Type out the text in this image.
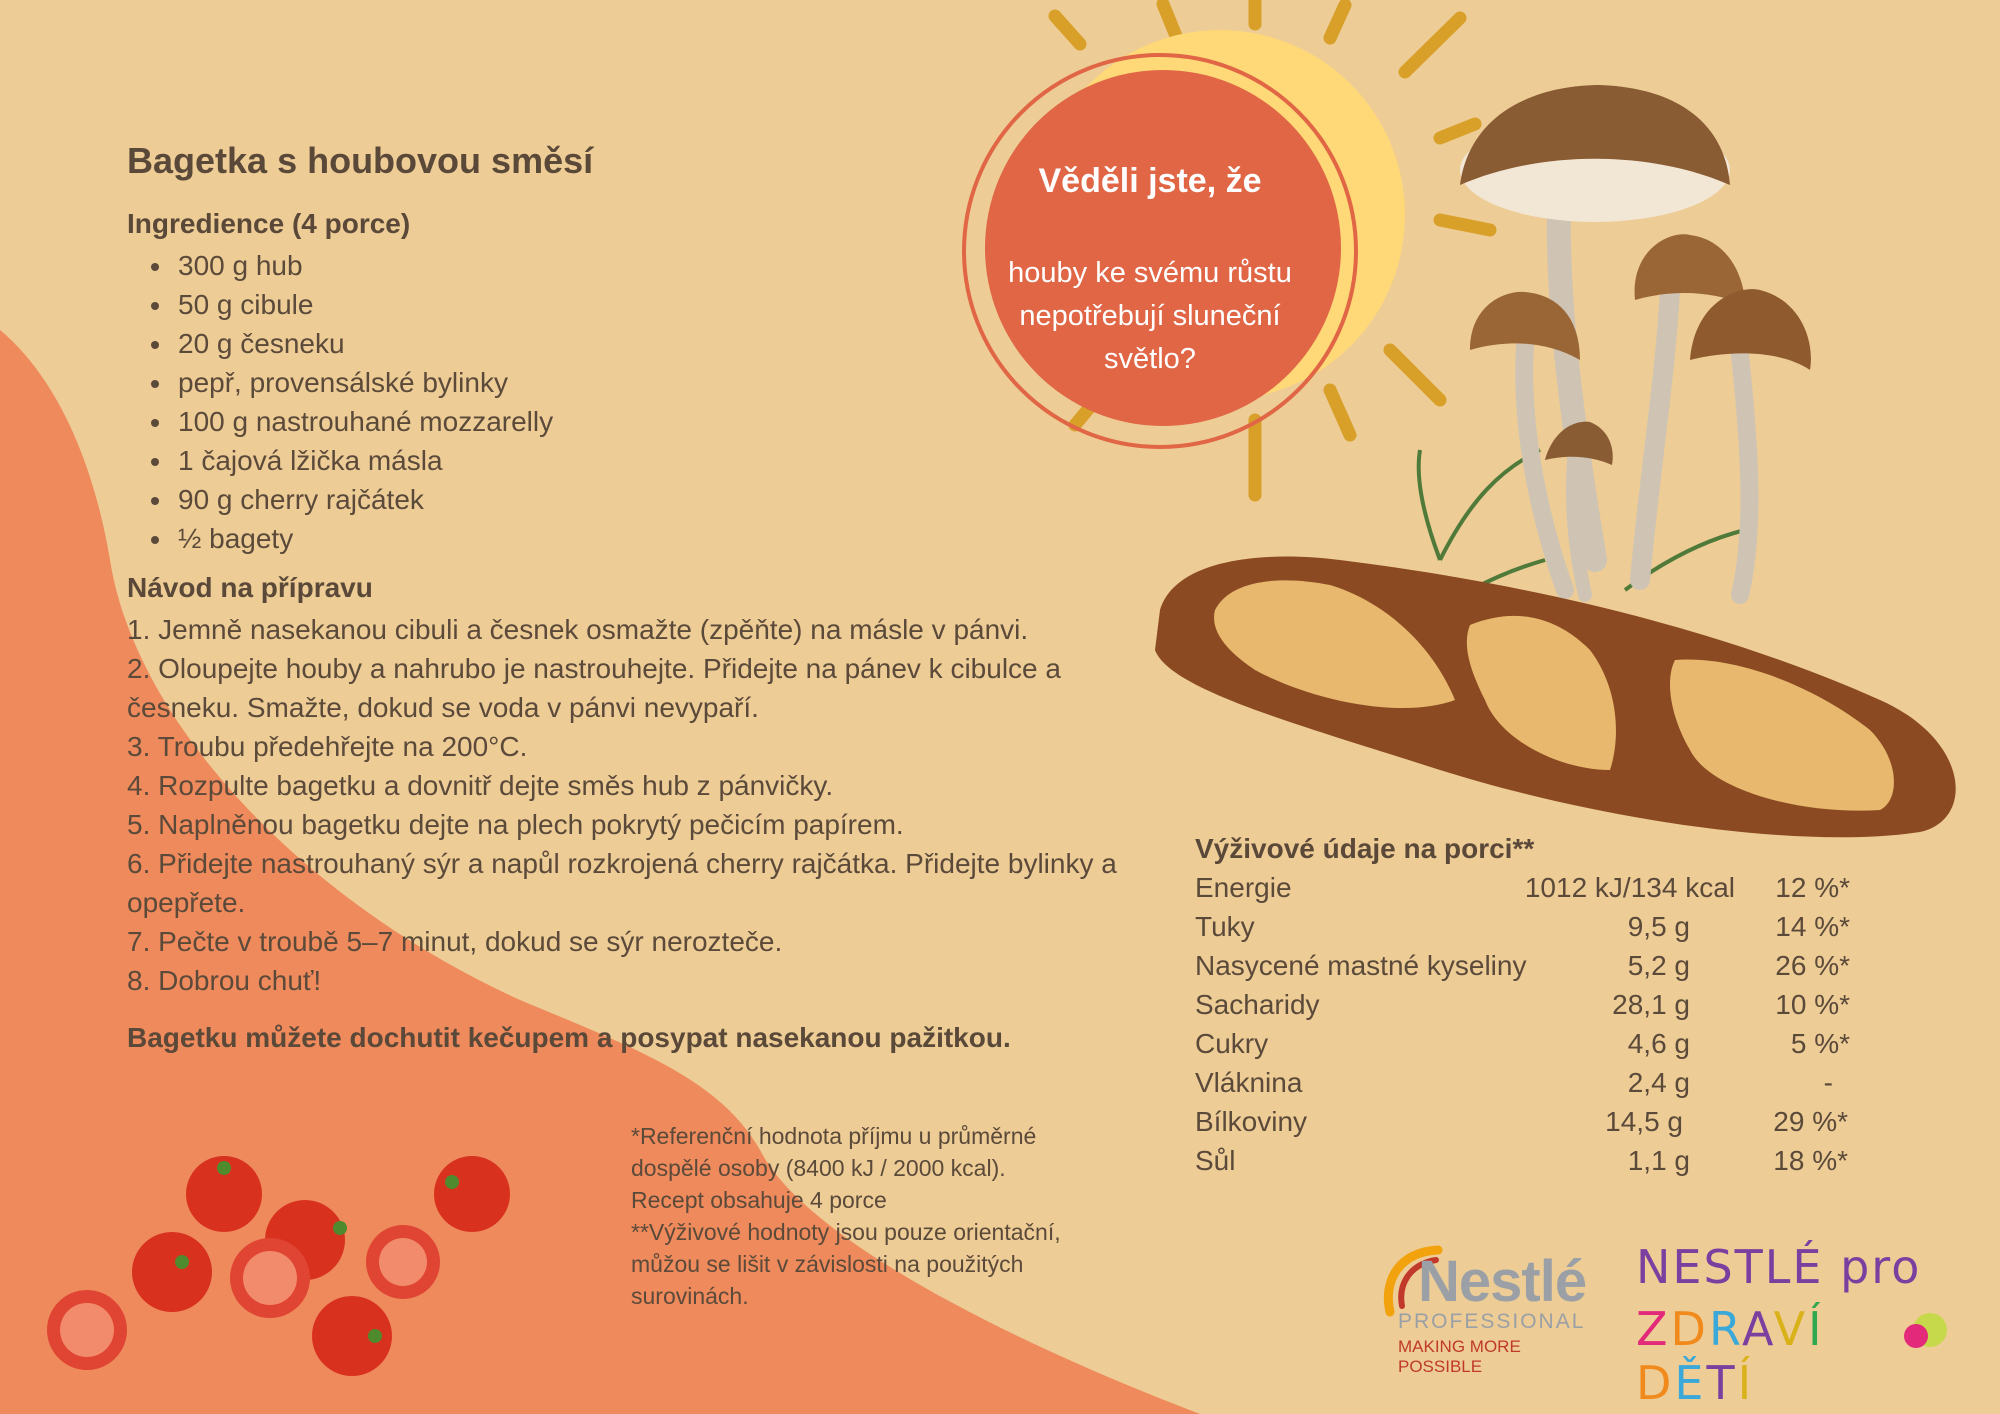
Bagetka s houbovou směsí
Ingredience (4 porce)
• 300 g hub
• 50 g cibule
• 20 g česneku
• pepř, provensálské bylinky
• 100 g nastrouhané mozzarelly
• 1 čajová lžička másla
• 90 g cherry rajčátek
• ½ bagety
Návod na přípravu

1. Jemně nasekanou cibuli a česnek osmažte (zpěňte) na másle v pánvi.

2. Oloupejte houby a nahrubo je nastrouhejte. Přidejte na pánev k cibulce a česneku. Smažte, dokud se voda v pánvi nevypaří.

3. Troubu předehřejte na 200°C.

4. Rozpulte bagetku a dovnitř dejte směs hub z pánvičky.

5. Naplněnou bagetku dejte na plech pokrytý pečicím papírem.

6. Přidejte nastrouhaný sýr a napůl rozkrojená cherry rajčátka. Přidejte bylinky a opepřete.

7. Pečte v troubě 5–7 minut, dokud se sýr nerozteče.

8. Dobrou chuť!

Bagetku můžete dochutit kečupem a posypat nasekanou pažitkou.
Věděli jste, že
houby ke svému růstu nepotřebují sluneční světlo?
Výživové údaje na porci**
Energie	1012 kJ/134 kcal 12 %*
Tuky	9,5 g	14 %*
Nasycené mastné kyseliny	5,2 g	26 %*
Sacharidy	28,1 g	10 %*
Cukry	4,6 g	5 %*
Vláknina	2,4 g	-
Bílkoviny	14,5 g	29 %*
Sůl	1,1 g	18 %*
*Referenční hodnota příjmu u průměrné dospělé osoby (8400 kJ / 2000 kcal).
Recept obsahuje 4 porce
**Výživové hodnoty jsou pouze orientační, můžou se lišit v závislosti na použitých surovinách.	Nestlé
PROFESSIONAL
MAKING MORE POSSIBLE
NESTLÉ pro
ZDRAVÍ DĚTÍ
